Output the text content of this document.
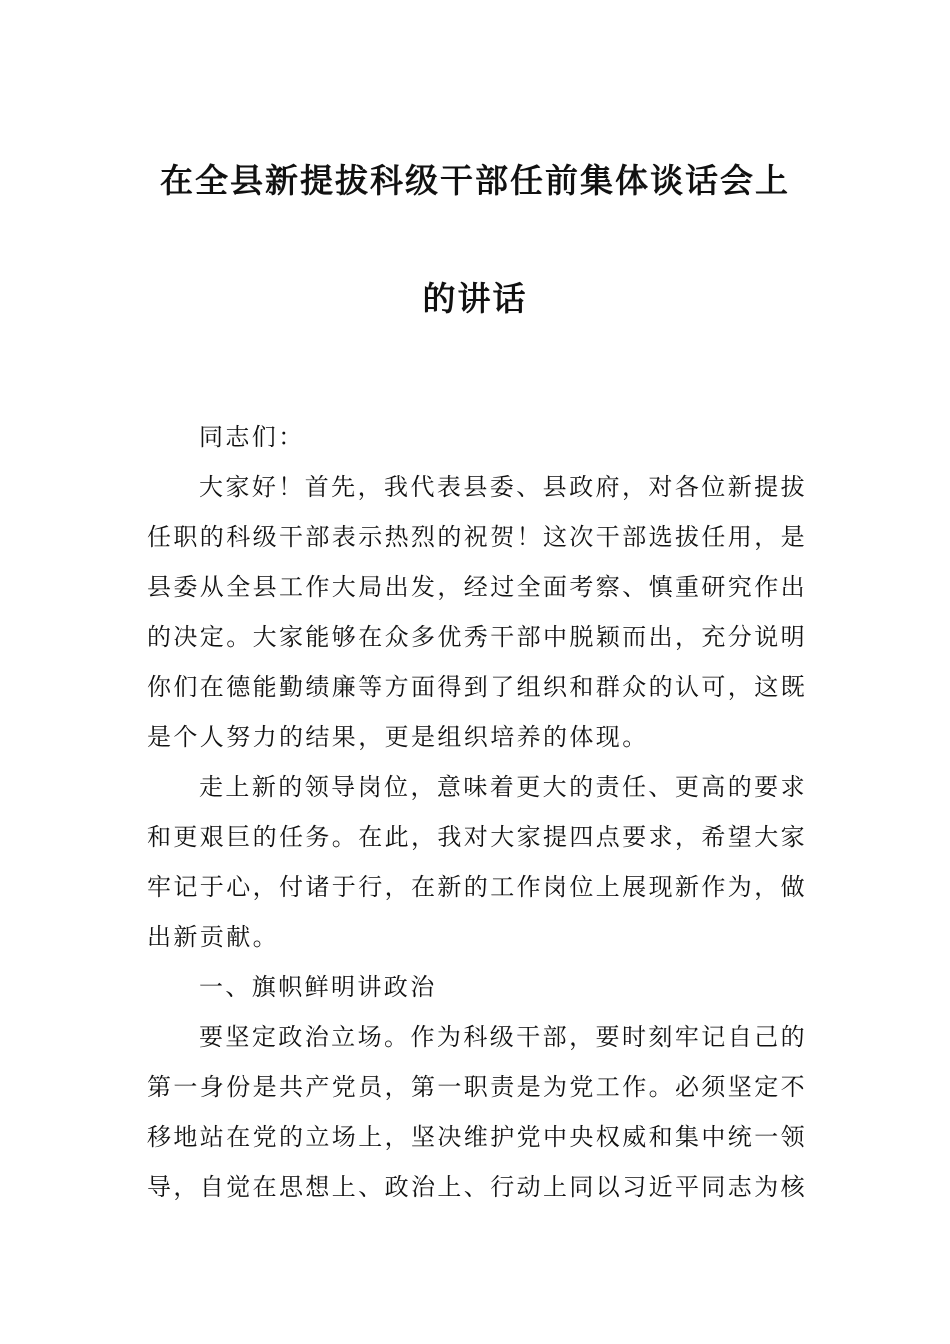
在全县新提拔科级干部任前集体谈话会上
的讲话

同志们：

大家好！首先，我代表县委、县政府，对各位新提拔任职的科级干部表示热烈的祝贺！这次干部选拔任用，是县委从全县工作大局出发，经过全面考察、慎重研究作出的决定。大家能够在众多优秀干部中脱颖而出，充分说明你们在德能勤绩廉等方面得到了组织和群众的认可，这既是个人努力的结果，更是组织培养的体现。

走上新的领导岗位，意味着更大的责任、更高的要求和更艰巨的任务。在此，我对大家提四点要求，希望大家牢记于心，付诸于行，在新的工作岗位上展现新作为，做出新贡献。

一、旗帜鲜明讲政治

要坚定政治立场。作为科级干部，要时刻牢记自己的第一身份是共产党员，第一职责是为党工作。必须坚定不移地站在党的立场上，坚决维护党中央权威和集中统一领导，自觉在思想上、政治上、行动上同以习近平同志为核
